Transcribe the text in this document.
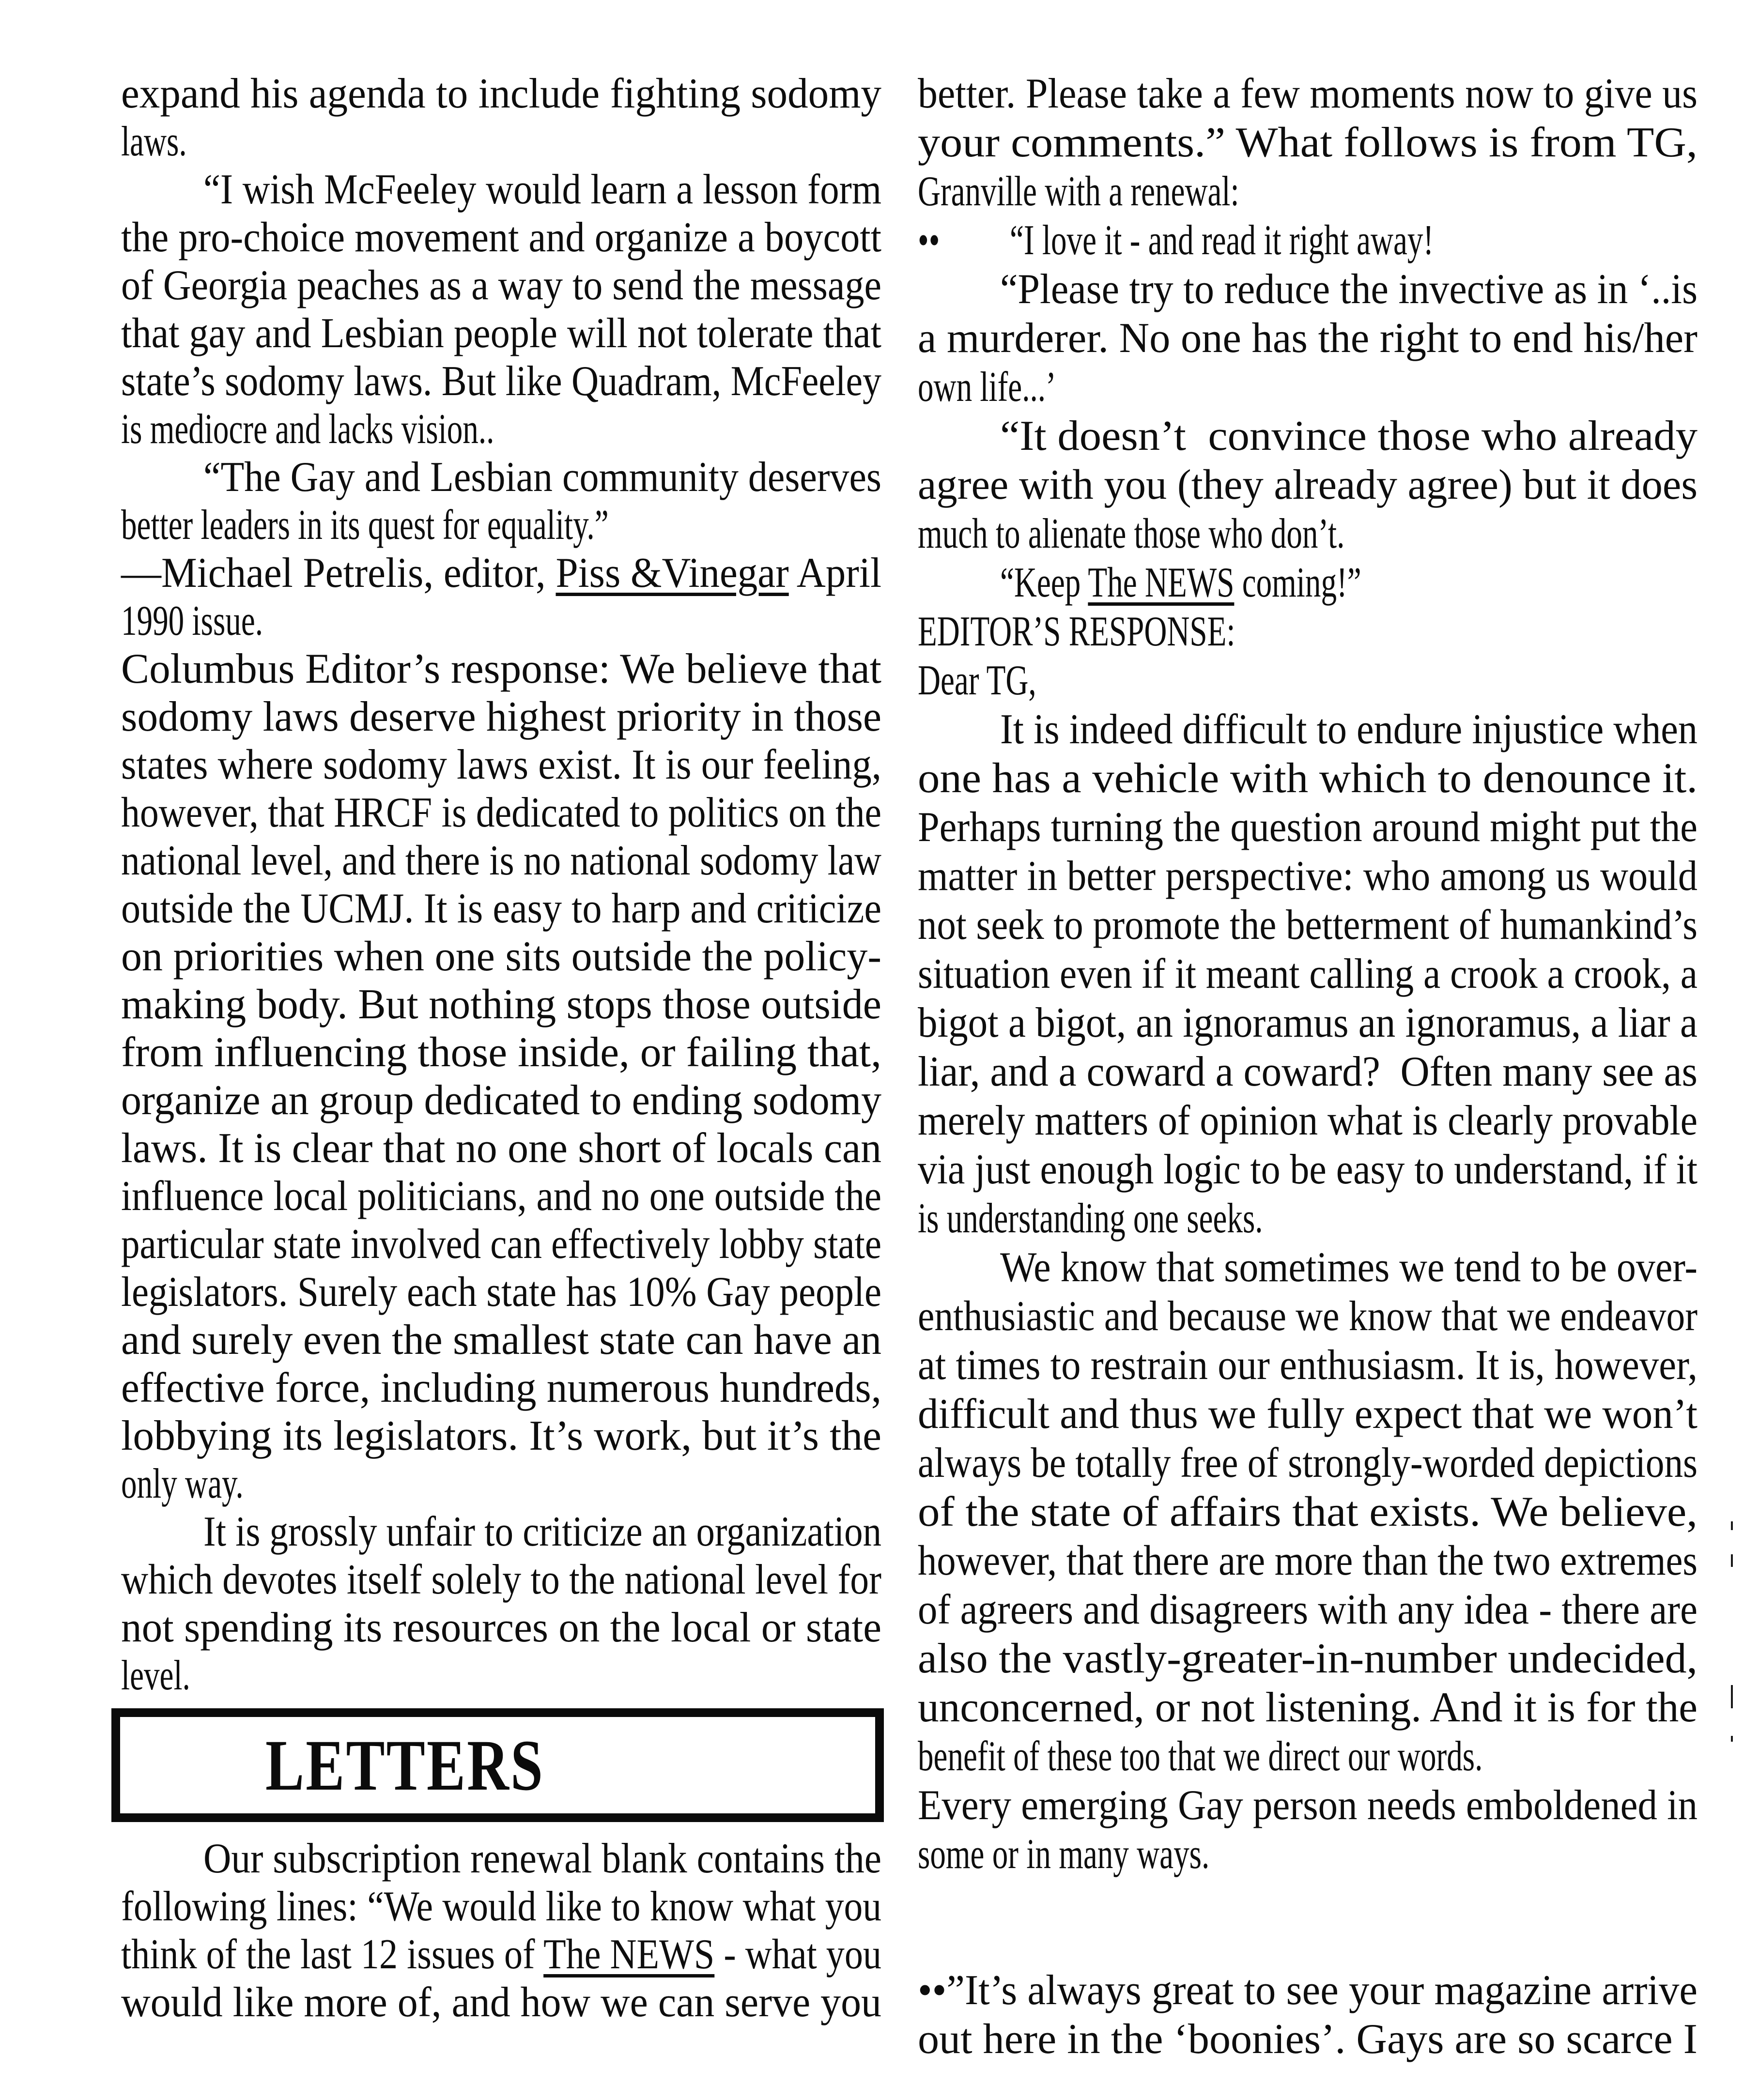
LETTERS
expand his agenda to include fighting sodomy
laws.
“I wish McFeeley would learn a lesson form
the pro-choice movement and organize a boycott
of Georgia peaches as a way to send the message
that gay and Lesbian people will not tolerate that
state’s sodomy laws. But like Quadram, McFeeley
is mediocre and lacks vision..
“The Gay and Lesbian community deserves
better leaders in its quest for equality.”
—Michael Petrelis, editor, Piss &Vinegar April
1990 issue.
Columbus Editor’s response: We believe that
sodomy laws deserve highest priority in those
states where sodomy laws exist. It is our feeling,
however, that HRCF is dedicated to politics on the
national level, and there is no national sodomy law
outside the UCMJ. It is easy to harp and criticize
on priorities when one sits outside the policy-
making body. But nothing stops those outside
from influencing those inside, or failing that,
organize an group dedicated to ending sodomy
laws. It is clear that no one short of locals can
influence local politicians, and no one outside the
particular state involved can effectively lobby state
legislators. Surely each state has 10% Gay people
and surely even the smallest state can have an
effective force, including numerous hundreds,
lobbying its legislators. It’s work, but it’s the
only way.
It is grossly unfair to criticize an organization
which devotes itself solely to the national level for
not spending its resources on the local or state
level.
Our subscription renewal blank contains the
following lines: “We would like to know what you
think of the last 12 issues of The NEWS - what you
would like more of, and how we can serve you
better. Please take a few moments now to give us
your comments.” What follows is from TG,
Granville with a renewal:
•• “I love it - and read it right away!
“Please try to reduce the invective as in ‘..is
a murderer. No one has the right to end his/her
own life...’
“It doesn’t  convince those who already
agree with you (they already agree) but it does
much to alienate those who don’t.
“Keep The NEWS coming!”
EDITOR’S RESPONSE:
Dear TG,
It is indeed difficult to endure injustice when
one has a vehicle with which to denounce it.
Perhaps turning the question around might put the
matter in better perspective: who among us would
not seek to promote the betterment of humankind’s
situation even if it meant calling a crook a crook, a
bigot a bigot, an ignoramus an ignoramus, a liar a
liar, and a coward a coward?  Often many see as
merely matters of opinion what is clearly provable
via just enough logic to be easy to understand, if it
is understanding one seeks.
We know that sometimes we tend to be over-
enthusiastic and because we know that we endeavor
at times to restrain our enthusiasm. It is, however,
difficult and thus we fully expect that we won’t
always be totally free of strongly-worded depictions
of the state of affairs that exists. We believe,
however, that there are more than the two extremes
of agreers and disagreers with any idea - there are
also the vastly-greater-in-number undecided,
unconcerned, or not listening. And it is for the
benefit of these too that we direct our words.
Every emerging Gay person needs emboldened in
some or in many ways.
••”It’s always great to see your magazine arrive
out here in the ‘boonies’. Gays are so scarce I
